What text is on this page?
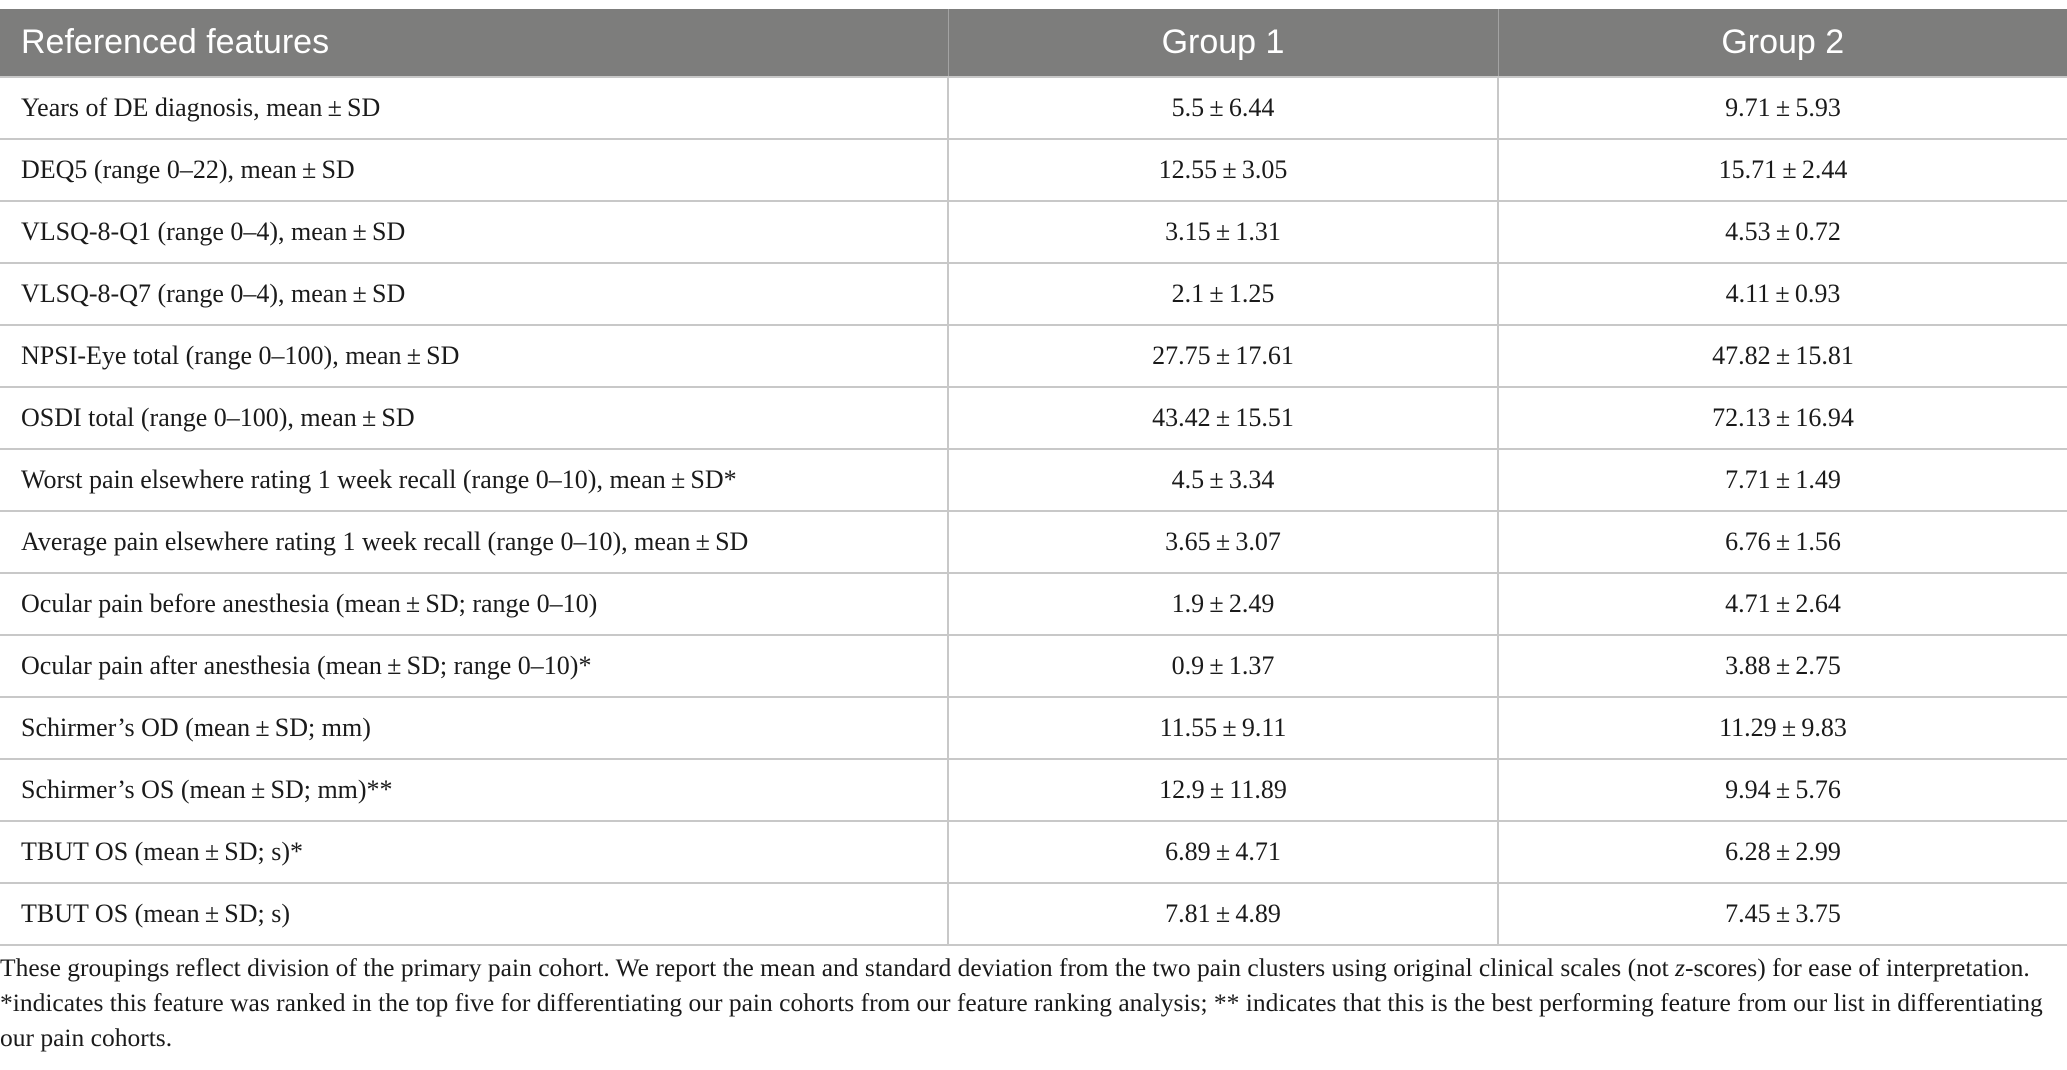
Referenced features	Group 1	Group 2
Years of DE diagnosis, mean ± SD	5.5 ± 6.44	9.71 ± 5.93
DEQ5 (range 0–22), mean ± SD	12.55 ± 3.05	15.71 ± 2.44
VLSQ-8-Q1 (range 0–4), mean ± SD	3.15 ± 1.31	4.53 ± 0.72
VLSQ-8-Q7 (range 0–4), mean ± SD	2.1 ± 1.25	4.11 ± 0.93
NPSI-Eye total (range 0–100), mean ± SD	27.75 ± 17.61	47.82 ± 15.81
OSDI total (range 0–100), mean ± SD	43.42 ± 15.51	72.13 ± 16.94
Worst pain elsewhere rating 1 week recall (range 0–10), mean ± SD*	4.5 ± 3.34	7.71 ± 1.49
Average pain elsewhere rating 1 week recall (range 0–10), mean ± SD	3.65 ± 3.07	6.76 ± 1.56
Ocular pain before anesthesia (mean ± SD; range 0–10)	1.9 ± 2.49	4.71 ± 2.64
Ocular pain after anesthesia (mean ± SD; range 0–10)*	0.9 ± 1.37	3.88 ± 2.75
Schirmer’s OD (mean ± SD; mm)	11.55 ± 9.11	11.29 ± 9.83
Schirmer’s OS (mean ± SD; mm)**	12.9 ± 11.89	9.94 ± 5.76
TBUT OS (mean ± SD; s)*	6.89 ± 4.71	6.28 ± 2.99
TBUT OS (mean ± SD; s)	7.81 ± 4.89	7.45 ± 3.75
These groupings reflect division of the primary pain cohort. We report the mean and standard deviation from the two pain clusters using original clinical scales (not z-scores) for ease of interpretation. *indicates this feature was ranked in the top five for differentiating our pain cohorts from our feature ranking analysis; ** indicates that this is the best performing feature from our list in differentiating our pain cohorts.
